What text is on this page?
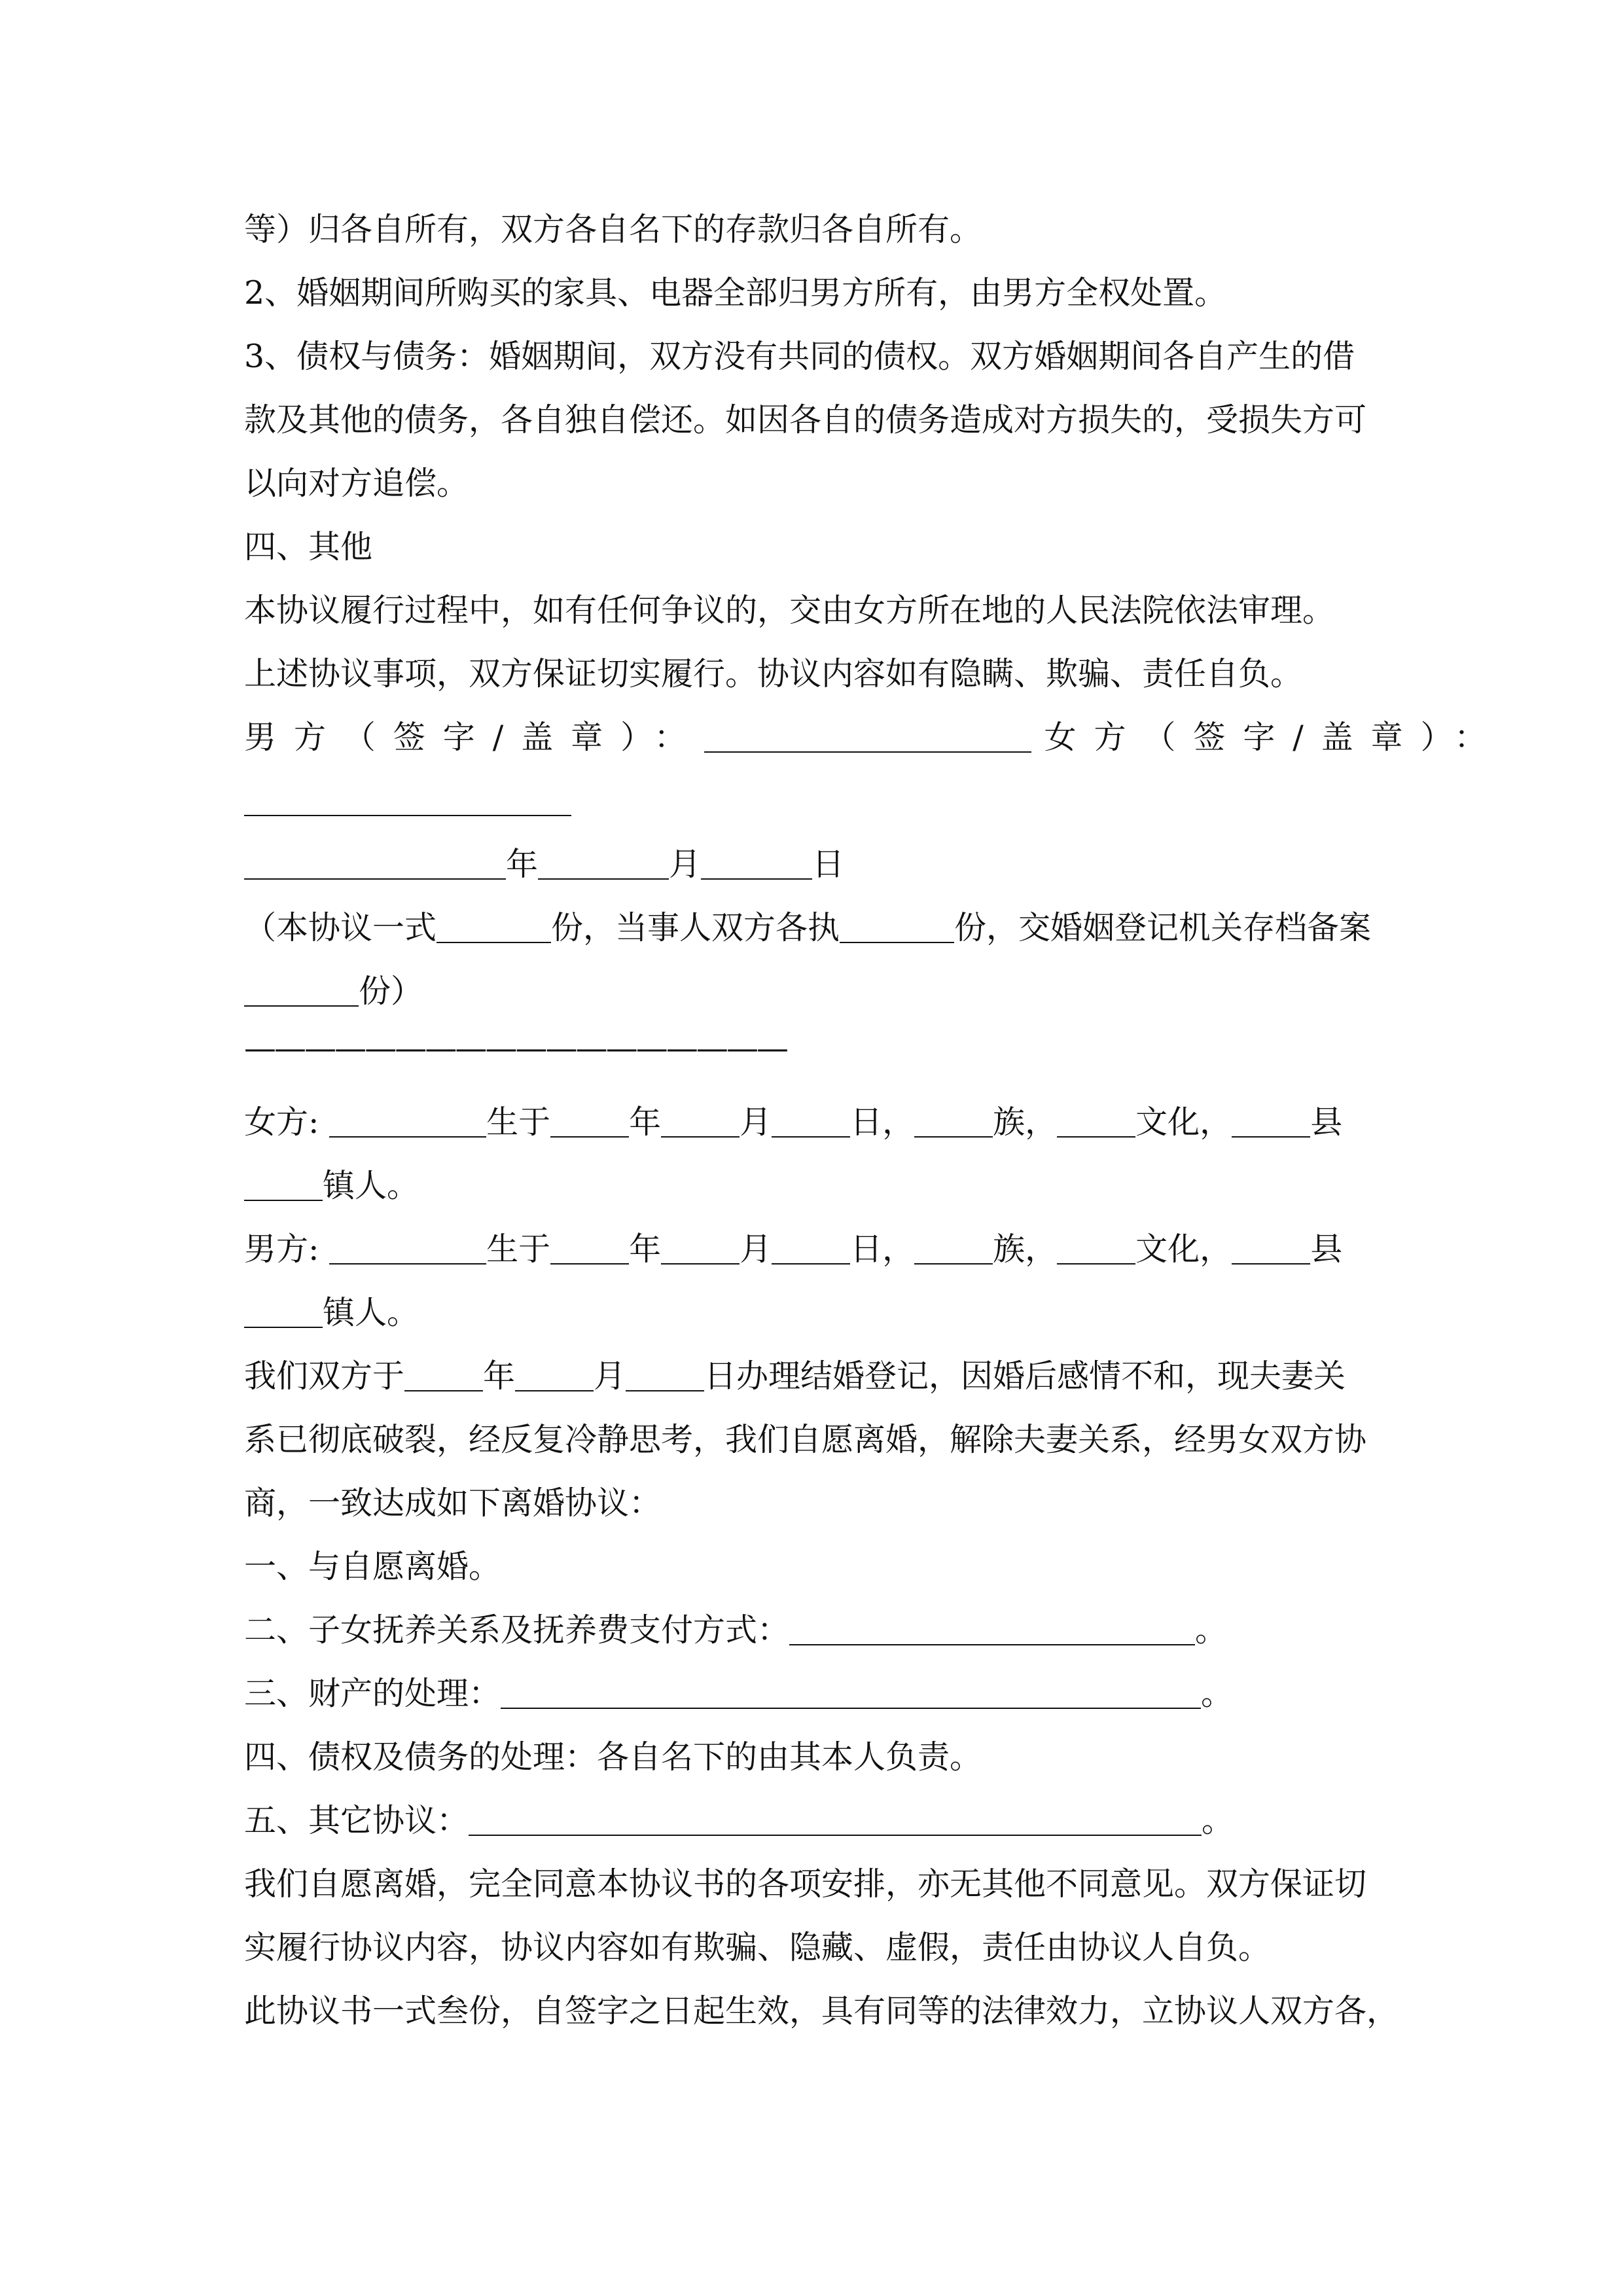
等）归各自所有，双方各自名下的存款归各自所有。
2、婚姻期间所购买的家具、电器全部归男方所有，由男方全权处置。
3、债权与债务：婚姻期间，双方没有共同的债权。双方婚姻期间各自产生的借
款及其他的债务，各自独自偿还。如因各自的债务造成对方损失的，受损失方可
以向对方追偿。
四、其他
本协议履行过程中，如有任何争议的，交由女方所在地的人民法院依法审理。
上述协议事项，双方保证切实履行。协议内容如有隐瞒、欺骗、责任自负。
男方（签字/盖章）：	女方（签字/盖章）：
年	月	日
（本协议一式	份，当事人双方各执	份，交婚姻登记机关存档备案
份）
——————————————————
女方:	生于 年 月 日， 族， 文化， 县
镇人。
男方:	生于 年 月 日， 族， 文化， 县
镇人。
我们双方于 年 月 日办理结婚登记，因婚后感情不和，现夫妻关
系已彻底破裂，经反复冷静思考，我们自愿离婚，解除夫妻关系，经男女双方协
商，一致达成如下离婚协议：
一、与自愿离婚。
二、子女抚养关系及抚养费支付方式：	。
三、财产的处理：	。
四、债权及债务的处理：各自名下的由其本人负责。
五、其它协议：	。
我们自愿离婚，完全同意本协议书的各项安排，亦无其他不同意见。双方保证切
实履行协议内容，协议内容如有欺骗、隐藏、虚假，责任由协议人自负。
此协议书一式叁份，自签字之日起生效，具有同等的法律效力，立协议人双方各，
